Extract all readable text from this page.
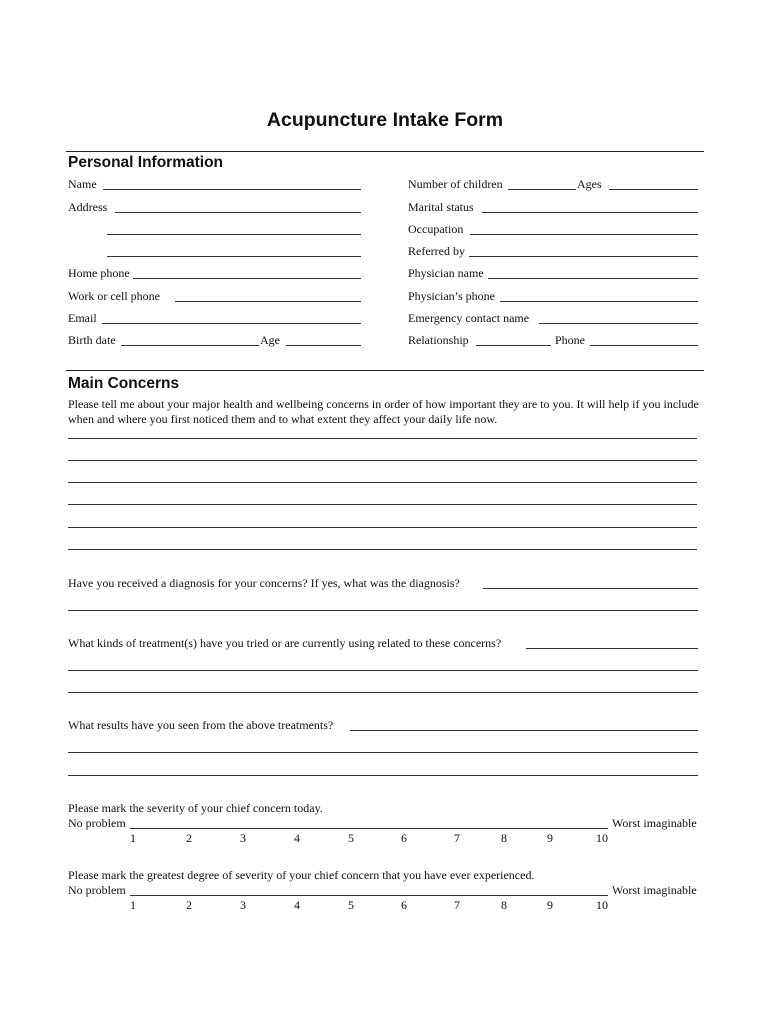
Acupuncture Intake Form
Personal Information
Name
Address
Home phone
Work or cell phone
Email
Birth date	Age
Number of children	Ages
Marital status
Occupation
Referred by
Physician name
Physician’s phone
Emergency contact name
Relationship	Phone
Main Concerns
Please tell me about your major health and wellbeing concerns in order of how important they are to you. It will help if you include when and where you first noticed them and to what extent they affect your daily life now.
Have you received a diagnosis for your concerns? If yes, what was the diagnosis?
What kinds of treatment(s) have you tried or are currently using related to these concerns?
What results have you seen from the above treatments?
Please mark the severity of your chief concern today.
No problem	Worst imaginable
1	2	3	4	5	6	7	8	9	10
Please mark the greatest degree of severity of your chief concern that you have ever experienced.
No problem	Worst imaginable
1	2	3	4	5	6	7	8	9	10
